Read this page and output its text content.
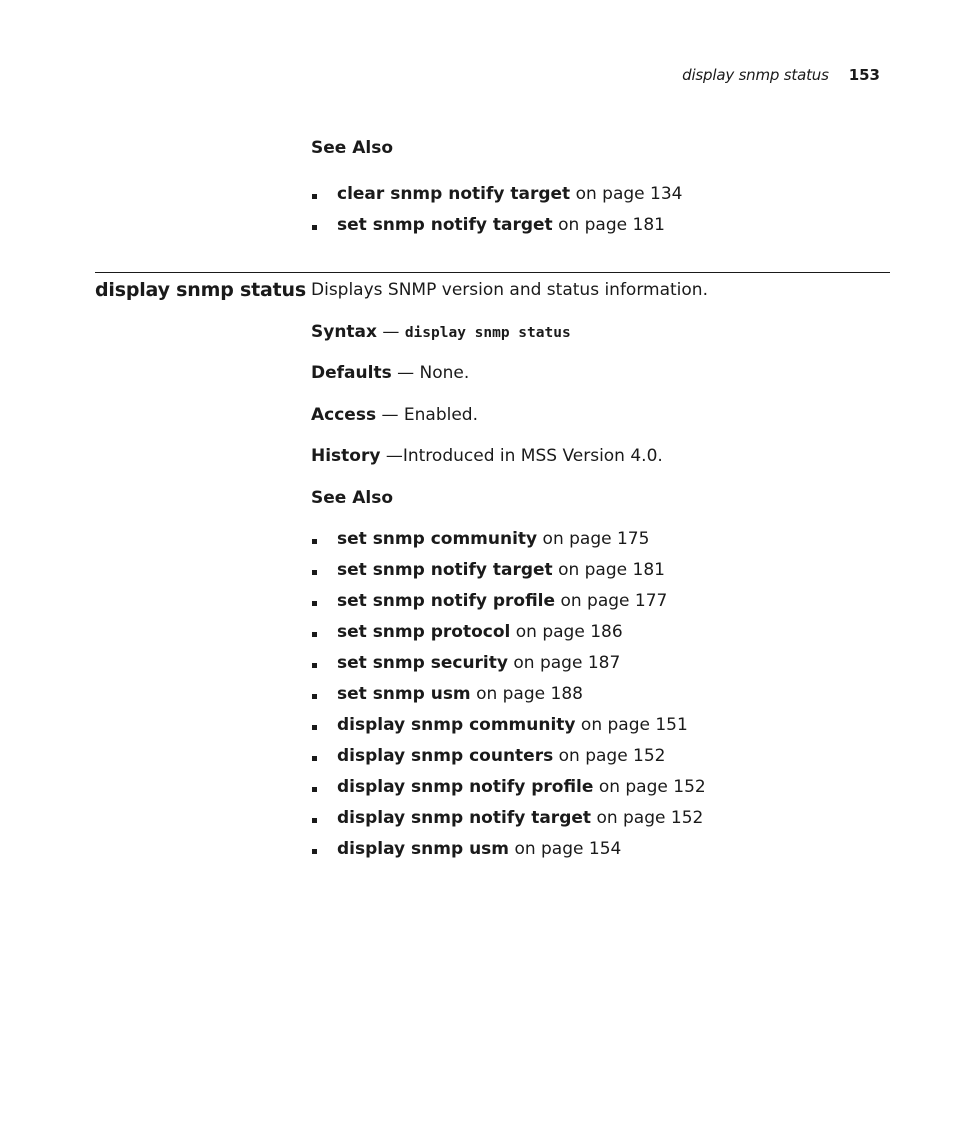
display snmp status 153

See Also

clear snmp notify target on page 134
set snmp notify target on page 181
display snmp status Displays SNMP version and status information.

Syntax — display snmp status

Defaults — None.

Access — Enabled.

History —Introduced in MSS Version 4.0.

See Also

set snmp community on page 175
set snmp notify target on page 181
set snmp notify profile on page 177
set snmp protocol on page 186
set snmp security on page 187
set snmp usm on page 188
display snmp community on page 151
display snmp counters on page 152
display snmp notify profile on page 152
display snmp notify target on page 152
display snmp usm on page 154
